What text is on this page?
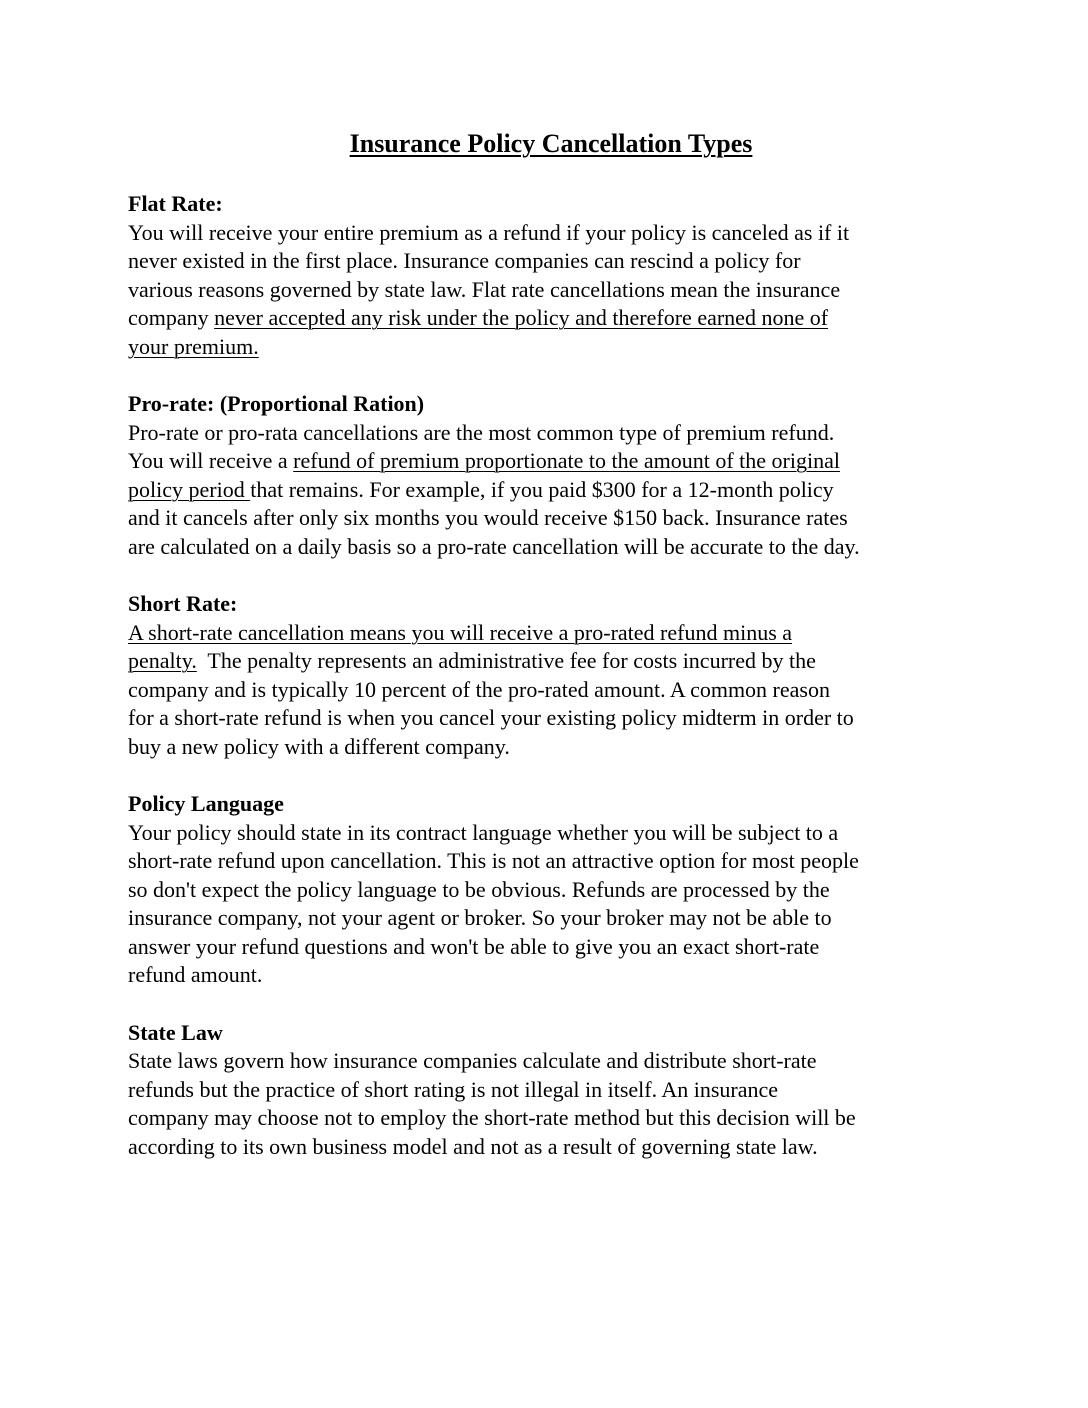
Insurance Policy Cancellation Types
Flat Rate:
You will receive your entire premium as a refund if your policy is canceled as if it
never existed in the first place. Insurance companies can rescind a policy for
various reasons governed by state law. Flat rate cancellations mean the insurance
company never accepted any risk under the policy and therefore earned none of
your premium.
Pro-rate: (Proportional Ration)
Pro-rate or pro-rata cancellations are the most common type of premium refund.
You will receive a refund of premium proportionate to the amount of the original
policy period that remains. For example, if you paid $300 for a 12-month policy
and it cancels after only six months you would receive $150 back. Insurance rates
are calculated on a daily basis so a pro-rate cancellation will be accurate to the day.
Short Rate:
A short-rate cancellation means you will receive a pro-rated refund minus a
penalty.  The penalty represents an administrative fee for costs incurred by the
company and is typically 10 percent of the pro-rated amount. A common reason
for a short-rate refund is when you cancel your existing policy midterm in order to
buy a new policy with a different company.
Policy Language
Your policy should state in its contract language whether you will be subject to a
short-rate refund upon cancellation. This is not an attractive option for most people
so don't expect the policy language to be obvious. Refunds are processed by the
insurance company, not your agent or broker. So your broker may not be able to
answer your refund questions and won't be able to give you an exact short-rate
refund amount.
State Law
State laws govern how insurance companies calculate and distribute short-rate
refunds but the practice of short rating is not illegal in itself. An insurance
company may choose not to employ the short-rate method but this decision will be
according to its own business model and not as a result of governing state law.
